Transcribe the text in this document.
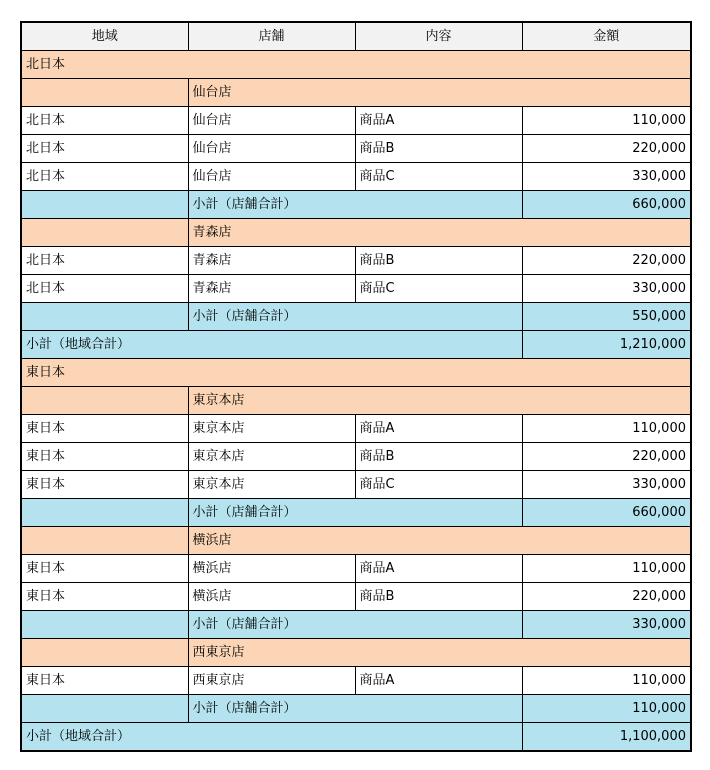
地域	店舗	内容	金額
北日本			
	仙台店		
北日本	仙台店	商品A	110,000
北日本	仙台店	商品B	220,000
北日本	仙台店	商品C	330,000
	小計（店舗合計）		660,000
	青森店		
北日本	青森店	商品B	220,000
北日本	青森店	商品C	330,000
	小計（店舗合計）		550,000
小計（地域合計）			1,210,000
東日本			
	東京本店		
東日本	東京本店	商品A	110,000
東日本	東京本店	商品B	220,000
東日本	東京本店	商品C	330,000
	小計（店舗合計）		660,000
	横浜店		
東日本	横浜店	商品A	110,000
東日本	横浜店	商品B	220,000
	小計（店舗合計）		330,000
	西東京店		
東日本	西東京店	商品A	110,000
	小計（店舗合計）		110,000
小計（地域合計）			1,100,000
